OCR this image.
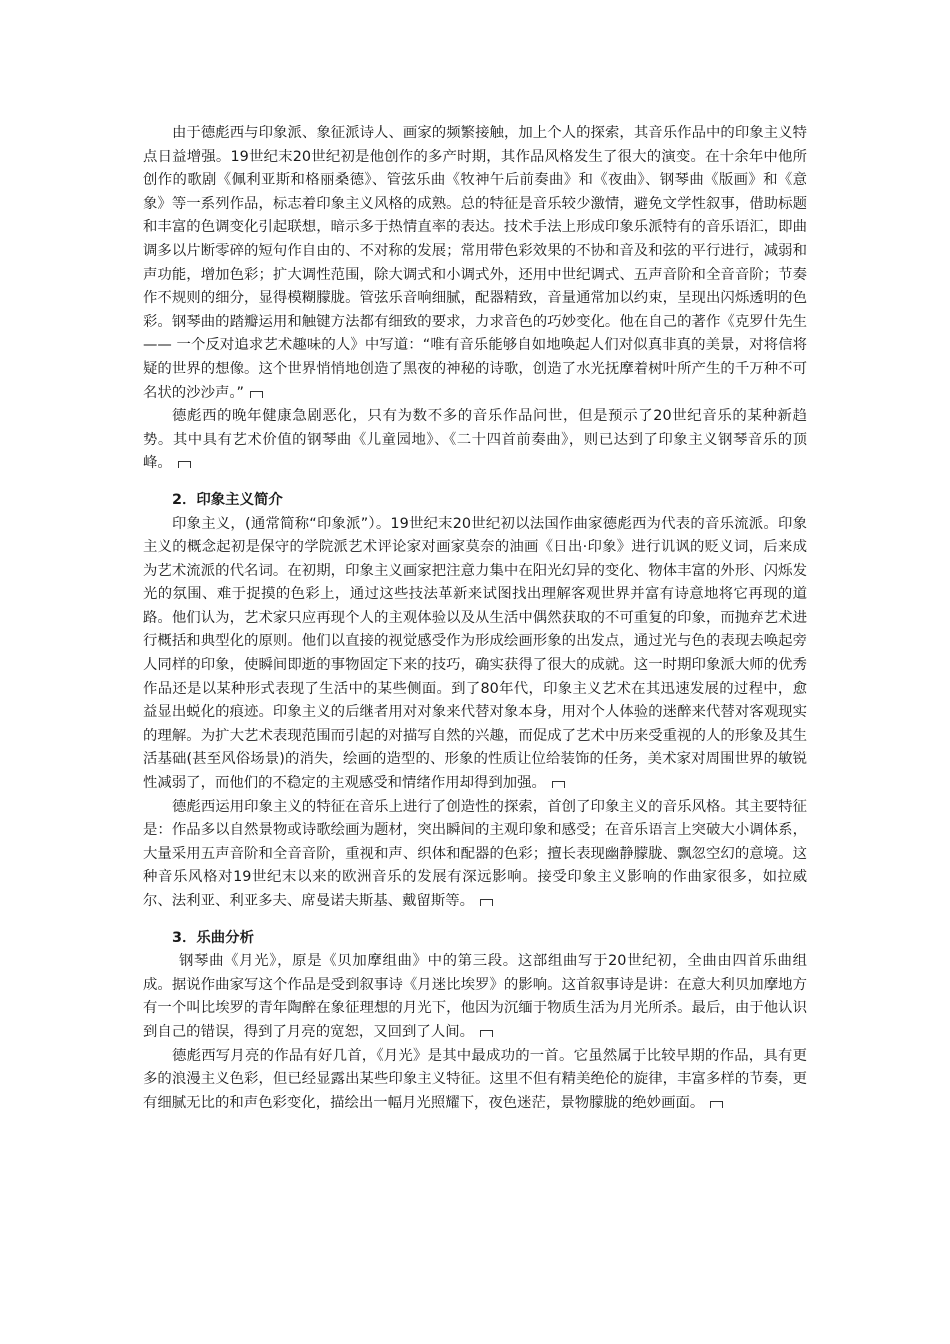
由于德彪西与印象派、象征派诗人、画家的频繁接触，加上个人的探索，其音乐作品中的印象主义特点日益增强。19世纪末20世纪初是他创作的多产时期，其作品风格发生了很大的演变。在十余年中他所创作的歌剧《佩利亚斯和格丽桑德》、管弦乐曲《牧神午后前奏曲》和《夜曲》、钢琴曲《版画》和《意象》等一系列作品，标志着印象主义风格的成熟。总的特征是音乐较少激情，避免文学性叙事，借助标题和丰富的色调变化引起联想，暗示多于热情直率的表达。技术手法上形成印象乐派特有的音乐语汇，即曲调多以片断零碎的短句作自由的、不对称的发展；常用带色彩效果的不协和音及和弦的平行进行，减弱和声功能，增加色彩；扩大调性范围，除大调式和小调式外，还用中世纪调式、五声音阶和全音音阶；节奏作不规则的细分，显得模糊朦胧。管弦乐音响细腻，配器精致，音量通常加以约束，呈现出闪烁透明的色彩。钢琴曲的踏瓣运用和触键方法都有细致的要求，力求音色的巧妙变化。他在自己的著作《克罗什先生 —— 一个反对追求艺术趣味的人》中写道：“唯有音乐能够自如地唤起人们对似真非真的美景，对将信将疑的世界的想像。这个世界悄悄地创造了黑夜的神秘的诗歌，创造了水光抚摩着树叶所产生的千万种不可名状的沙沙声。”

德彪西的晚年健康急剧恶化，只有为数不多的音乐作品问世，但是预示了20世纪音乐的某种新趋势。其中具有艺术价值的钢琴曲《儿童园地》、《二十四首前奏曲》，则已达到了印象主义钢琴音乐的顶峰。

2．印象主义简介

印象主义，(通常简称“印象派”）。19世纪末20世纪初以法国作曲家德彪西为代表的音乐流派。印象主义的概念起初是保守的学院派艺术评论家对画家莫奈的油画《日出·印象》进行讥讽的贬义词，后来成为艺术流派的代名词。在初期，印象主义画家把注意力集中在阳光幻异的变化、物体丰富的外形、闪烁发光的氛围、难于捉摸的色彩上，通过这些技法革新来试图找出理解客观世界并富有诗意地将它再现的道路。他们认为，艺术家只应再现个人的主观体验以及从生活中偶然获取的不可重复的印象，而抛弃艺术进行概括和典型化的原则。他们以直接的视觉感受作为形成绘画形象的出发点，通过光与色的表现去唤起旁人同样的印象，使瞬间即逝的事物固定下来的技巧，确实获得了很大的成就。这一时期印象派大师的优秀作品还是以某种形式表现了生活中的某些侧面。到了80年代，印象主义艺术在其迅速发展的过程中，愈益显出蜕化的痕迹。印象主义的后继者用对对象来代替对象本身，用对个人体验的迷醉来代替对客观现实的理解。为扩大艺术表现范围而引起的对描写自然的兴趣，而促成了艺术中历来受重视的人的形象及其生活基础(甚至风俗场景)的消失，绘画的造型的、形象的性质让位给装饰的任务，美术家对周围世界的敏锐性减弱了，而他们的不稳定的主观感受和情绪作用却得到加强。

德彪西运用印象主义的特征在音乐上进行了创造性的探索，首创了印象主义的音乐风格。其主要特征是：作品多以自然景物或诗歌绘画为题材，突出瞬间的主观印象和感受；在音乐语言上突破大小调体系，大量采用五声音阶和全音音阶，重视和声、织体和配器的色彩；擅长表现幽静朦胧、飘忽空幻的意境。这种音乐风格对19世纪末以来的欧洲音乐的发展有深远影响。接受印象主义影响的作曲家很多，如拉威尔、法利亚、利亚多夫、席曼诺夫斯基、戴留斯等。

3．乐曲分析

钢琴曲《月光》，原是《贝加摩组曲》中的第三段。这部组曲写于20世纪初，全曲由四首乐曲组成。据说作曲家写这个作品是受到叙事诗《月迷比埃罗》的影响。这首叙事诗是讲：在意大利贝加摩地方有一个叫比埃罗的青年陶醉在象征理想的月光下，他因为沉缅于物质生活为月光所杀。最后，由于他认识到自己的错误，得到了月亮的宽恕，又回到了人间。

德彪西写月亮的作品有好几首，《月光》是其中最成功的一首。它虽然属于比较早期的作品，具有更多的浪漫主义色彩，但已经显露出某些印象主义特征。这里不但有精美绝伦的旋律，丰富多样的节奏，更有细腻无比的和声色彩变化，描绘出一幅月光照耀下，夜色迷茫，景物朦胧的绝妙画面。
